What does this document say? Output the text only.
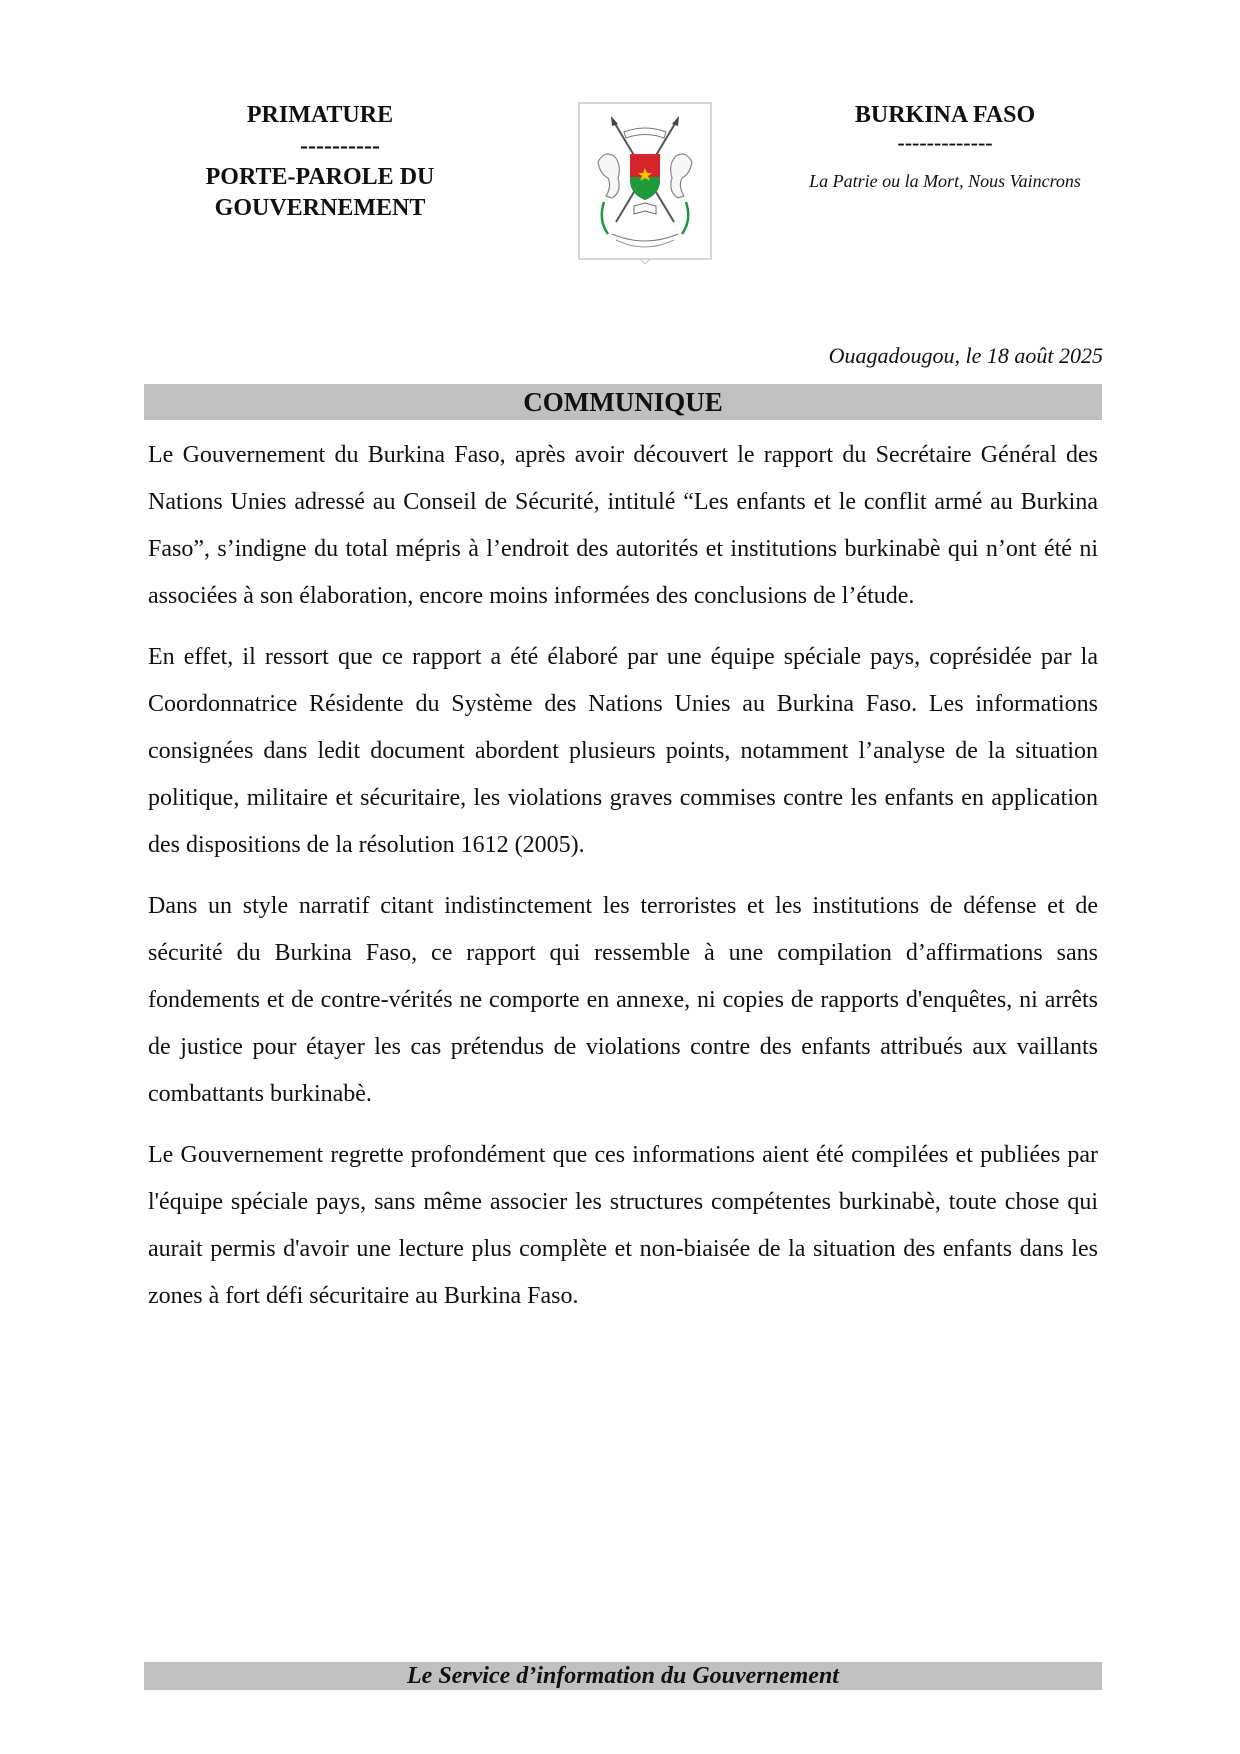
PRIMATURE
----------
PORTE-PAROLE DU
GOUVERNEMENT
BURKINA FASO
-------------
La Patrie ou la Mort, Nous Vaincrons
Ouagadougou, le 18 août 2025
COMMUNIQUE

Le Gouvernement du Burkina Faso, après avoir découvert le rapport du Secrétaire Général des Nations Unies adressé au Conseil de Sécurité, intitulé “Les enfants et le conflit armé au Burkina Faso”, s’indigne du total mépris à l’endroit des autorités et institutions burkinabè qui n’ont été ni associées à son élaboration, encore moins informées des conclusions de l’étude.

En effet, il ressort que ce rapport a été élaboré par une équipe spéciale pays, coprésidée par la Coordonnatrice Résidente du Système des Nations Unies au Burkina Faso. Les informations consignées dans ledit document abordent plusieurs points, notamment l’analyse de la situation politique, militaire et sécuritaire, les violations graves commises contre les enfants en application des dispositions de la résolution 1612 (2005).

Dans un style narratif citant indistinctement les terroristes et les institutions de défense et de sécurité du Burkina Faso, ce rapport qui ressemble à une compilation d’affirmations sans fondements et de contre-vérités ne comporte en annexe, ni copies de rapports d'enquêtes, ni arrêts de justice pour étayer les cas prétendus de violations contre des enfants attribués aux vaillants combattants burkinabè.

Le Gouvernement regrette profondément que ces informations aient été compilées et publiées par l'équipe spéciale pays, sans même associer les structures compétentes burkinabè, toute chose qui aurait permis d'avoir une lecture plus complète et non-biaisée de la situation des enfants dans les zones à fort défi sécuritaire au Burkina Faso.

Le Service d’information du Gouvernement
